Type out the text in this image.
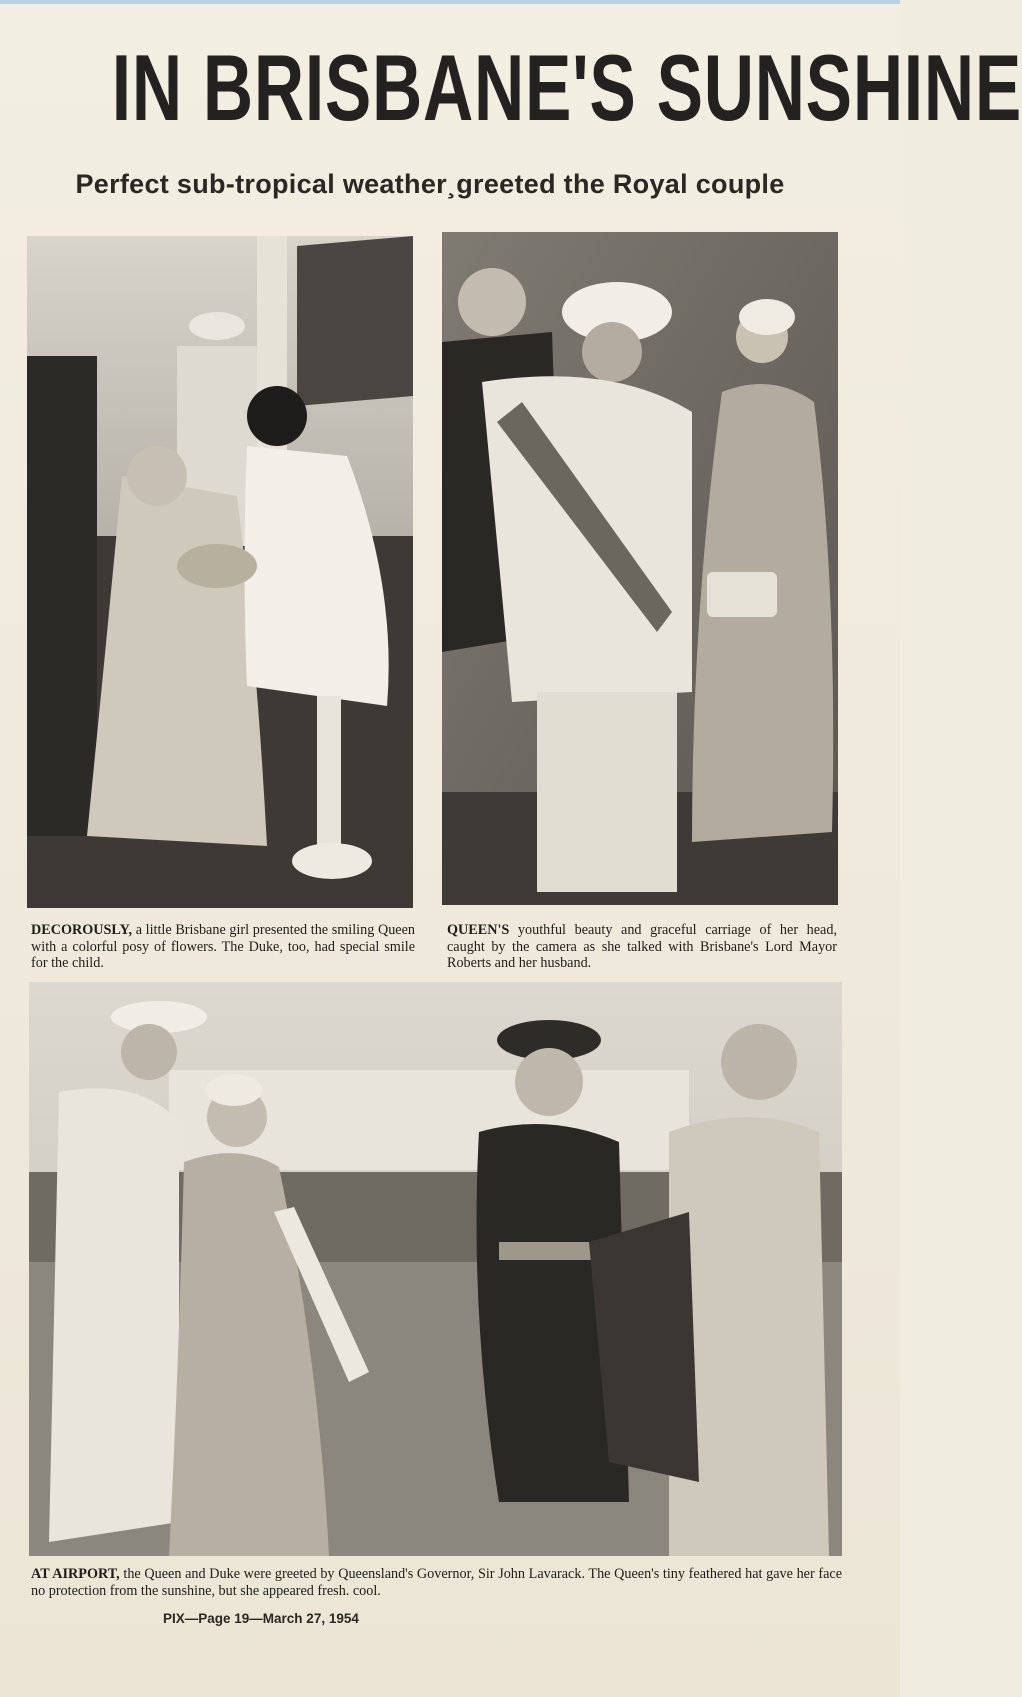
IN BRISBANE'S SUNSHINE
Perfect sub-tropical weather¸greeted the Royal couple
DECOROUSLY, a little Brisbane girl presented the smiling Queen with a colorful posy of flowers. The Duke, too, had special smile for the child.
QUEEN'S youthful beauty and graceful carriage of her head, caught by the camera as she talked with Brisbane's Lord Mayor Roberts and her husband.
AT AIRPORT, the Queen and Duke were greeted by Queensland's Governor, Sir John Lavarack. The Queen's tiny feathered hat gave her face no protection from the sunshine, but she appeared fresh. cool.
PIX—Page 19—March 27, 1954
